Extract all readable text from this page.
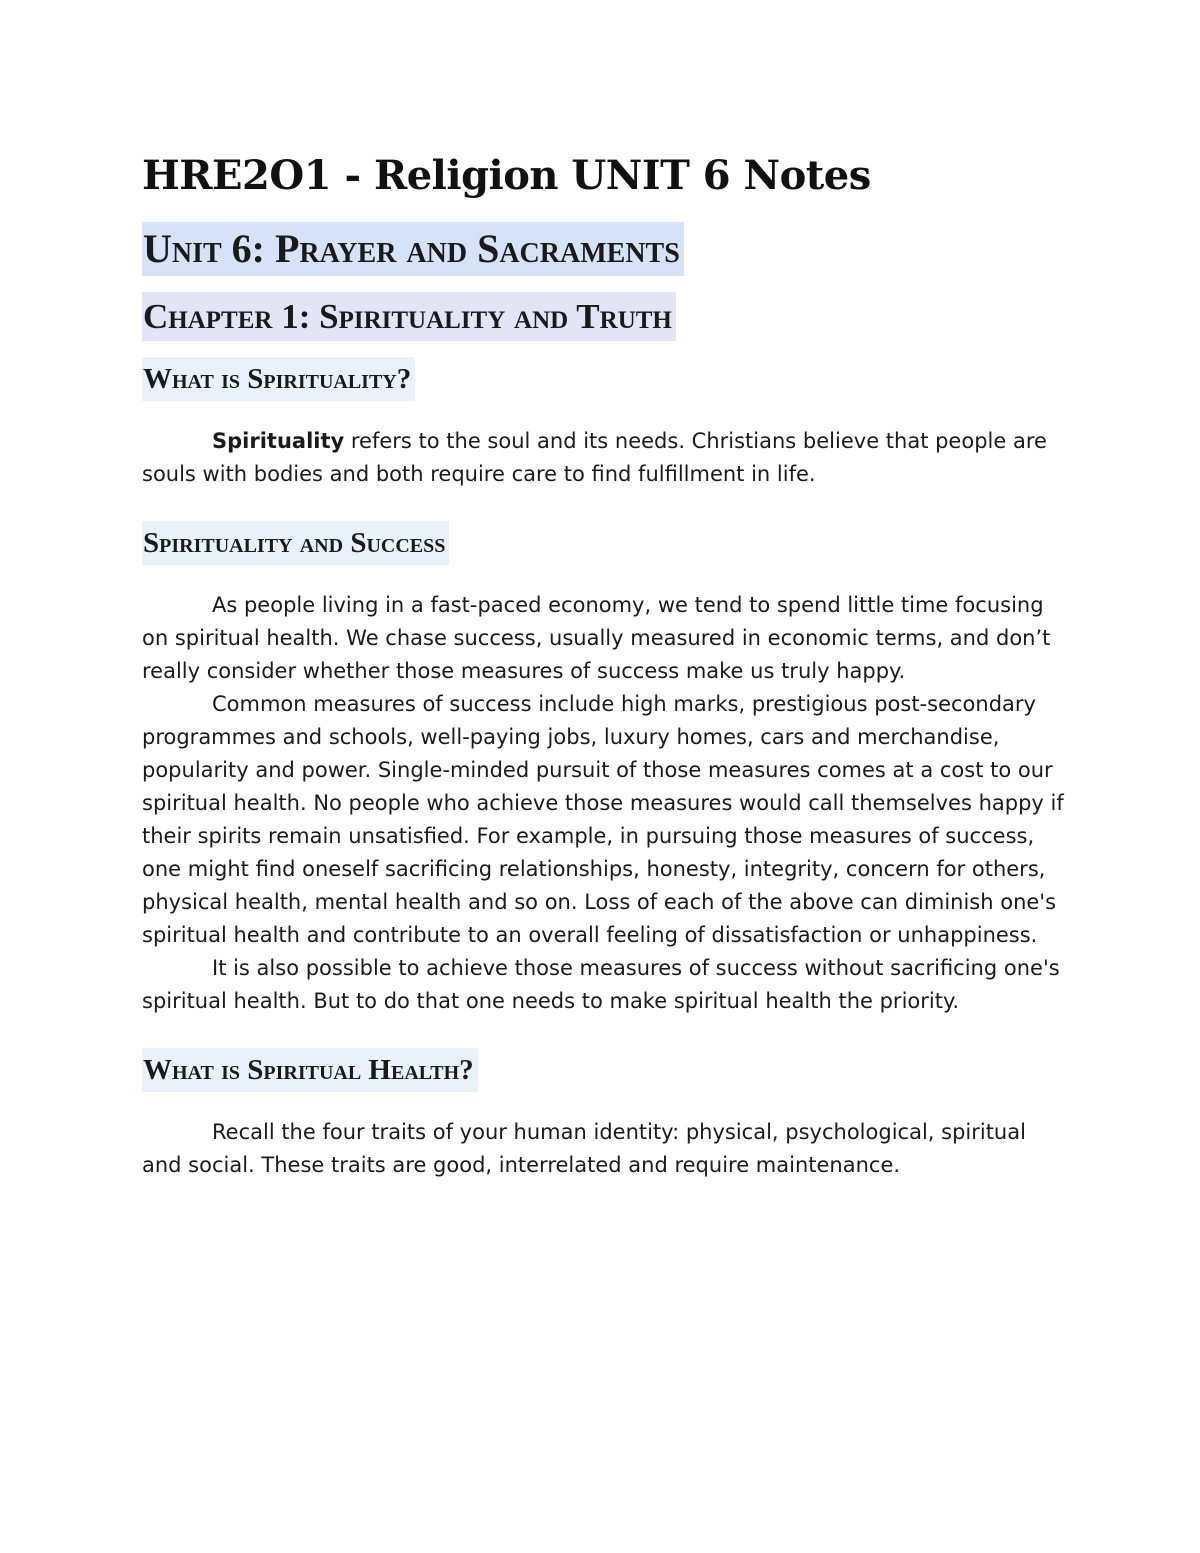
HRE2O1 - Religion UNIT 6 Notes
Unit 6: Prayer and Sacraments
Chapter 1: Spirituality and Truth
What is Spirituality?

Spirituality refers to the soul and its needs. Christians believe that people are souls with bodies and both require care to find fulfillment in life.

Spirituality and Success

As people living in a fast-paced economy, we tend to spend little time focusing on spiritual health. We chase success, usually measured in economic terms, and don’t really consider whether those measures of success make us truly happy.

Common measures of success include high marks, prestigious post-secondary programmes and schools, well-paying jobs, luxury homes, cars and merchandise, popularity and power. Single-minded pursuit of those measures comes at a cost to our spiritual health. No people who achieve those measures would call themselves happy if their spirits remain unsatisfied. For example, in pursuing those measures of success, one might find oneself sacrificing relationships, honesty, integrity, concern for others, physical health, mental health and so on. Loss of each of the above can diminish one's spiritual health and contribute to an overall feeling of dissatisfaction or unhappiness.

It is also possible to achieve those measures of success without sacrificing one's spiritual health. But to do that one needs to make spiritual health the priority.

What is Spiritual Health?

Recall the four traits of your human identity: physical, psychological, spiritual and social. These traits are good, interrelated and require maintenance.
